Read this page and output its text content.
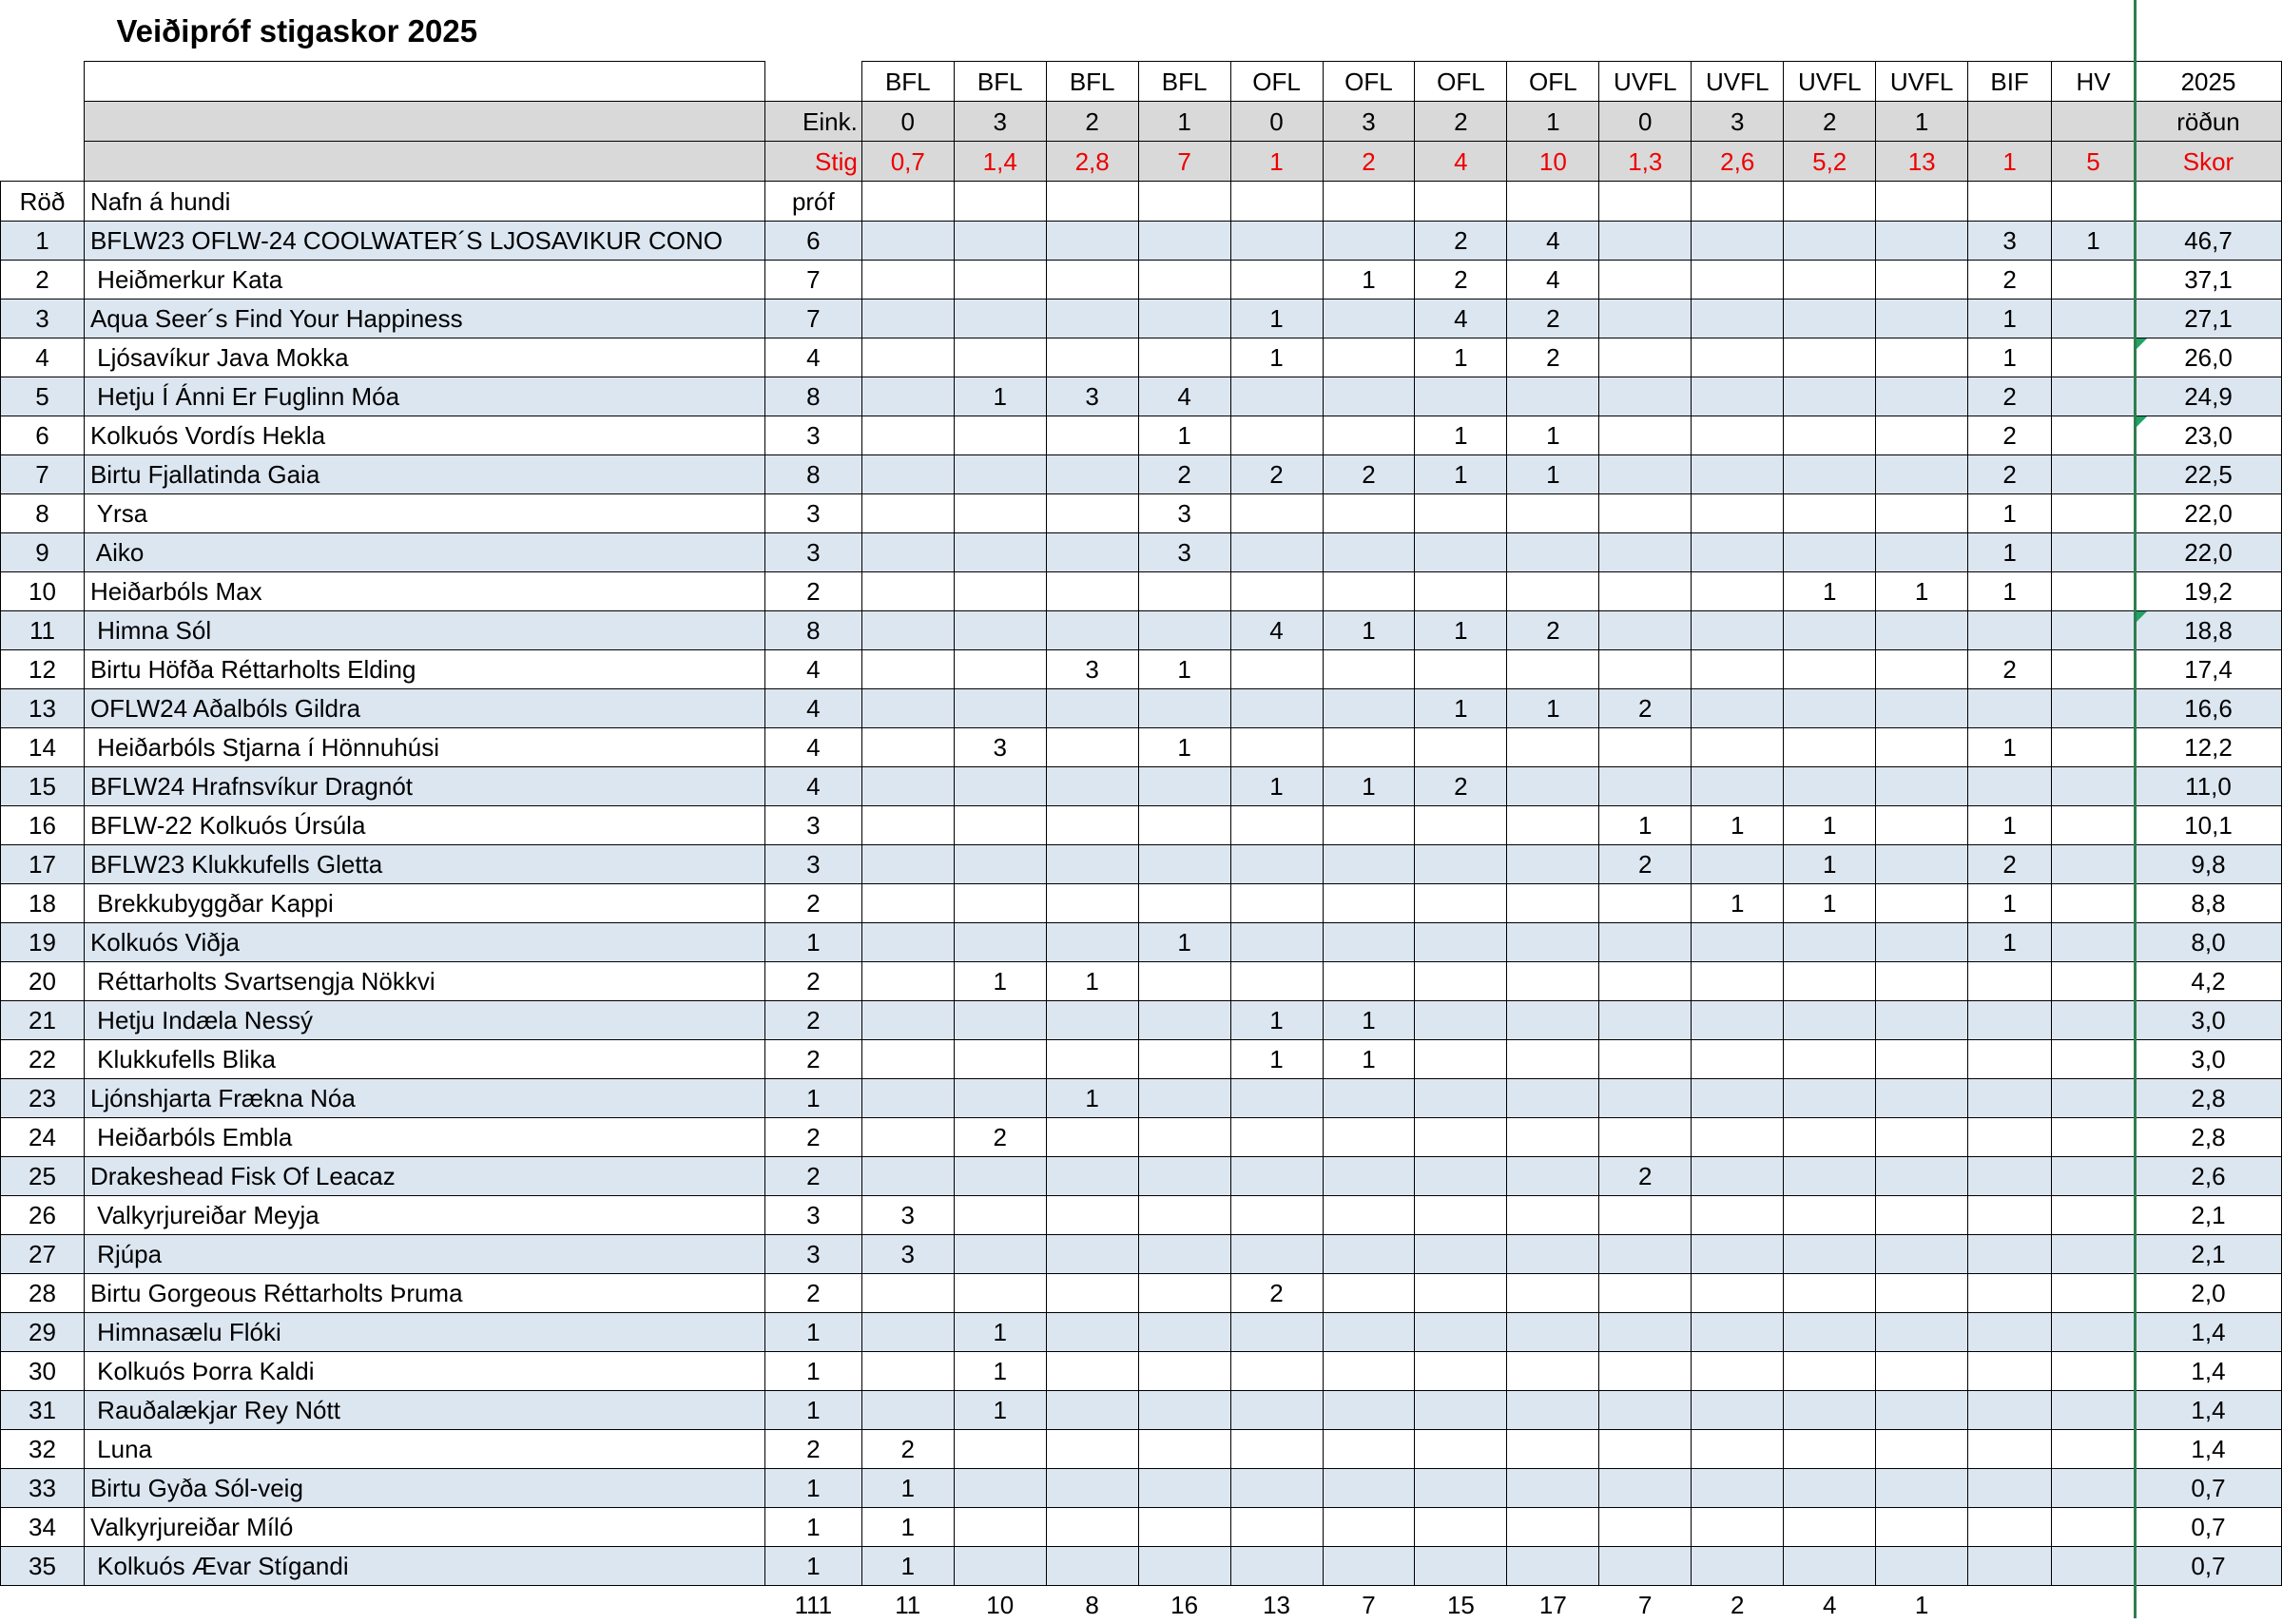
	Veiðipróf stigaskor 2025																
			BFL	BFL	BFL	BFL	OFL	OFL	OFL	OFL	UVFL	UVFL	UVFL	UVFL	BIF	HV	2025
		Eink.	0	3	2	1	0	3	2	1	0	3	2	1			röðun
		Stig	0,7	1,4	2,8	7	1	2	4	10	1,3	2,6	5,2	13	1	5	Skor
Röð	Nafn á hundi	próf															
1	BFLW23 OFLW-24 COOLWATER´S LJOSAVIKUR CONO	6							2	4					3	1	46,7
2	Heiðmerkur Kata	7						1	2	4					2		37,1
3	Aqua Seer´s Find Your Happiness	7					1		4	2					1		27,1
4	Ljósavíkur Java Mokka	4					1		1	2					1		26,0
5	Hetju Í Ánni Er Fuglinn Móa	8		1	3	4									2		24,9
6	Kolkuós Vordís Hekla	3				1			1	1					2		23,0
7	Birtu Fjallatinda Gaia	8				2	2	2	1	1					2		22,5
8	Yrsa	3				3									1		22,0
9	Aiko	3				3									1		22,0
10	Heiðarbóls Max	2											1	1	1		19,2
11	Himna Sól	8					4	1	1	2							18,8
12	Birtu Höfða Réttarholts Elding	4			3	1									2		17,4
13	OFLW24 Aðalbóls Gildra	4							1	1	2						16,6
14	Heiðarbóls Stjarna í Hönnuhúsi	4		3		1									1		12,2
15	BFLW24 Hrafnsvíkur Dragnót	4					1	1	2								11,0
16	BFLW-22 Kolkuós Úrsúla	3									1	1	1		1		10,1
17	BFLW23 Klukkufells Gletta	3									2		1		2		9,8
18	Brekkubyggðar Kappi	2										1	1		1		8,8
19	Kolkuós Viðja	1				1									1		8,0
20	Réttarholts Svartsengja Nökkvi	2		1	1												4,2
21	Hetju Indæla Nessý	2					1	1									3,0
22	Klukkufells Blika	2					1	1									3,0
23	Ljónshjarta Frækna Nóa	1			1												2,8
24	Heiðarbóls Embla	2		2													2,8
25	Drakeshead Fisk Of Leacaz	2									2						2,6
26	Valkyrjureiðar Meyja	3	3														2,1
27	Rjúpa	3	3														2,1
28	Birtu Gorgeous Réttarholts Þruma	2					2										2,0
29	Himnasælu Flóki	1		1													1,4
30	Kolkuós Þorra Kaldi	1		1													1,4
31	Rauðalækjar Rey Nótt	1		1													1,4
32	Luna	2	2														1,4
33	Birtu Gyða Sól-veig	1	1														0,7
34	Valkyrjureiðar Míló	1	1														0,7
35	Kolkuós Ævar Stígandi	1	1														0,7
		111	11	10	8	16	13	7	15	17	7	2	4	1			
